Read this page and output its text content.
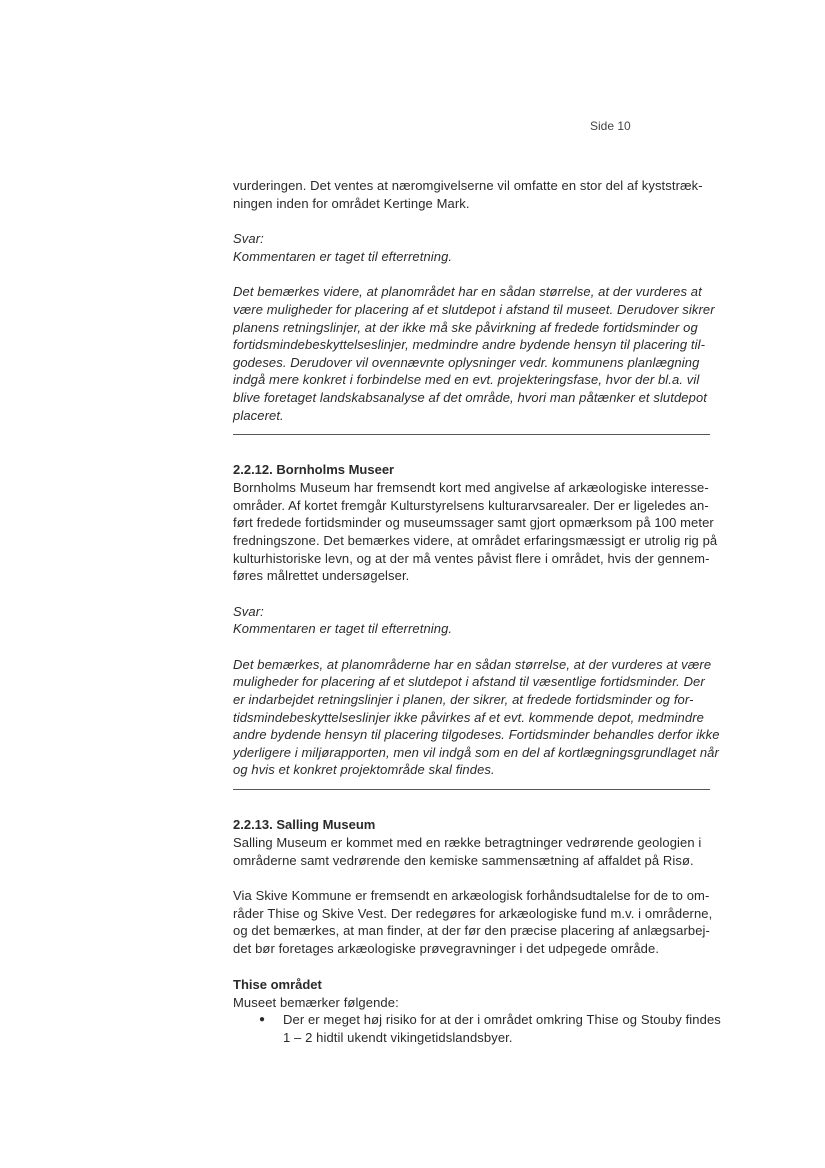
Side 10
vurderingen. Det ventes at næromgivelserne vil omfatte en stor del af kyststræk-
ningen inden for området Kertinge Mark.
Svar:
Kommentaren er taget til efterretning.
Det bemærkes videre, at planområdet har en sådan størrelse, at der vurderes at
være muligheder for placering af et slutdepot i afstand til museet. Derudover sikrer
planens retningslinjer, at der ikke må ske påvirkning af fredede fortidsminder og
fortidsmindebeskyttelseslinjer, medmindre andre bydende hensyn til placering til-
godeses. Derudover vil ovennævnte oplysninger vedr. kommunens planlægning
indgå mere konkret i forbindelse med en evt. projekteringsfase, hvor der bl.a. vil
blive foretaget landskabsanalyse af det område, hvori man påtænker et slutdepot
placeret.
2.2.12. Bornholms Museer
Bornholms Museum har fremsendt kort med angivelse af arkæologiske interesse-
områder. Af kortet fremgår Kulturstyrelsens kulturarvsarealer. Der er ligeledes an-
ført fredede fortidsminder og museumssager samt gjort opmærksom på 100 meter
fredningszone. Det bemærkes videre, at området erfaringsmæssigt er utrolig rig på
kulturhistoriske levn, og at der må ventes påvist flere i området, hvis der gennem-
føres målrettet undersøgelser.
Svar:
Kommentaren er taget til efterretning.
Det bemærkes, at planområderne har en sådan størrelse, at der vurderes at være
muligheder for placering af et slutdepot i afstand til væsentlige fortidsminder. Der
er indarbejdet retningslinjer i planen, der sikrer, at fredede fortidsminder og for-
tidsmindebeskyttelseslinjer ikke påvirkes af et evt. kommende depot, medmindre
andre bydende hensyn til placering tilgodeses. Fortidsminder behandles derfor ikke
yderligere i miljørapporten, men vil indgå som en del af kortlægningsgrundlaget når
og hvis et konkret projektområde skal findes.
2.2.13. Salling Museum
Salling Museum er kommet med en række betragtninger vedrørende geologien i
områderne samt vedrørende den kemiske sammensætning af affaldet på Risø.
Via Skive Kommune er fremsendt en arkæologisk forhåndsudtalelse for de to om-
råder Thise og Skive Vest. Der redegøres for arkæologiske fund m.v. i områderne,
og det bemærkes, at man finder, at der før den præcise placering af anlægsarbej-
det bør foretages arkæologiske prøvegravninger i det udpegede område.
Thise området
Museet bemærker følgende:
● Der er meget høj risiko for at der i området omkring Thise og Stouby findes
1 – 2 hidtil ukendt vikingetidslandsbyer.
